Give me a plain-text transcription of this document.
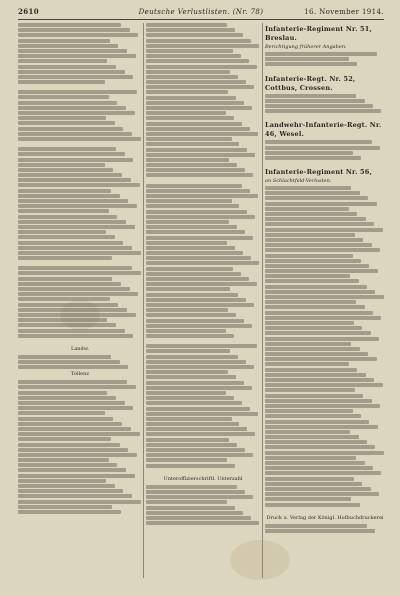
2610	Deutsche Verlustlisten. (Nr. 78)	16. November 1914.
Landw.
Tollenz
Unteroffizierschriftl. Unterzahl
Infanterie-Regiment Nr. 51, Breslau.
Berichtigung früherer Angaben.
Infanterie-Regt. Nr. 52, Cottbus, Crossen.
Landwehr-Infanterie-Regt. Nr. 46, Wesel.
Infanterie-Regiment Nr. 56,
an Schlachtfeld-Verlusten.
Druck u. Verlag der Königl. Hofbuchdruckerei
